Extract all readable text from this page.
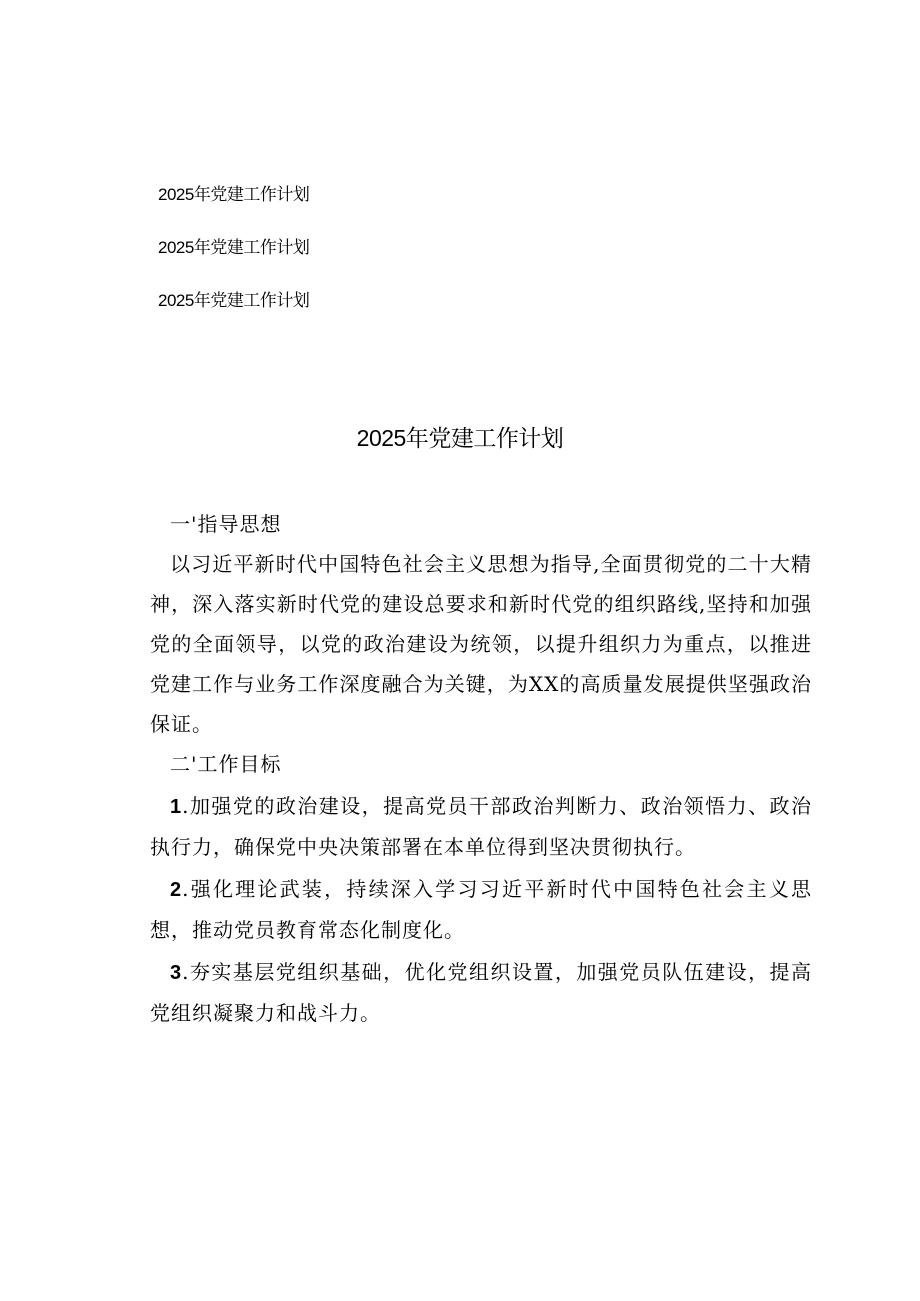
2025年党建工作计划
2025年党建工作计划
2025年党建工作计划
2025年党建工作计划

一'指导思想

以习近平新时代中国特色社会主义思想为指导,全面贯彻党的二十大精神，深入落实新时代党的建设总要求和新时代党的组织路线,坚持和加强党的全面领导，以党的政治建设为统领，以提升组织力为重点，以推进党建工作与业务工作深度融合为关键，为XX的高质量发展提供坚强政治保证。

二'工作目标

1.加强党的政治建设，提高党员干部政治判断力、政治领悟力、政治执行力，确保党中央决策部署在本单位得到坚决贯彻执行。

2.强化理论武装，持续深入学习习近平新时代中国特色社会主义思想，推动党员教育常态化制度化。

3.夯实基层党组织基础，优化党组织设置，加强党员队伍建设，提高党组织凝聚力和战斗力。
